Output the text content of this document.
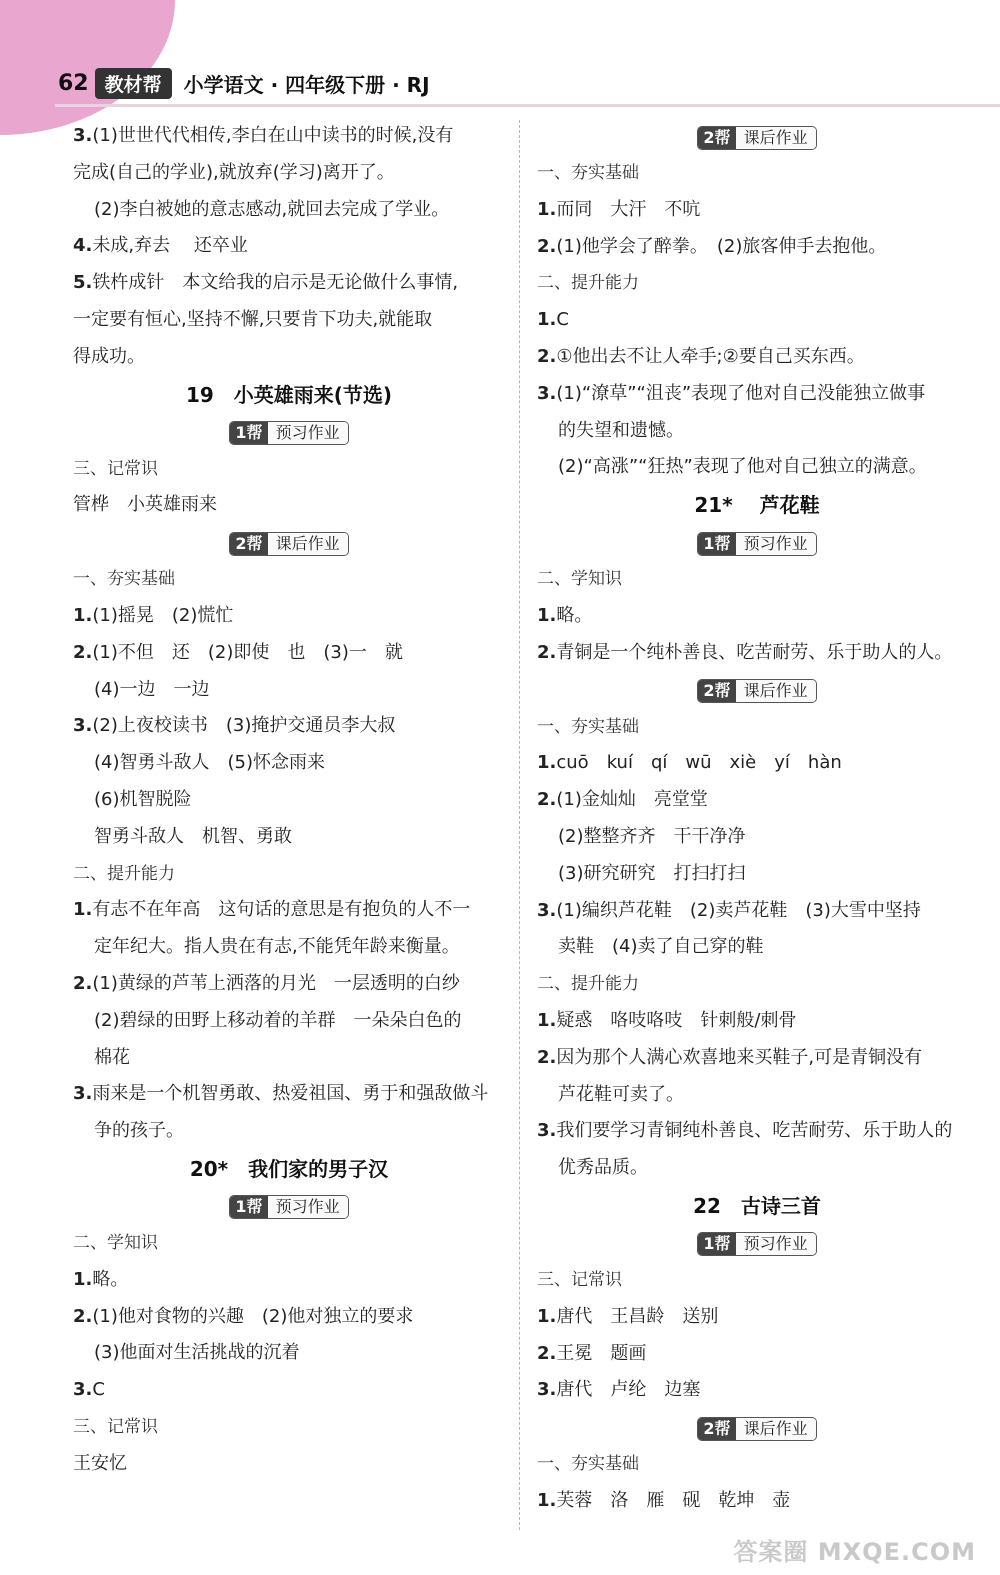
62 教材帮	小学语文 · 四年级下册 · RJ
3.(1)世世代代相传,李白在山中读书的时候,没有
完成(自己的学业),就放弃(学习)离开了。
(2)李白被她的意志感动,就回去完成了学业。
4.未成,弃去　 还卒业
5.铁杵成针　本文给我的启示是无论做什么事情,
一定要有恒心,坚持不懈,只要肯下功夫,就能取
得成功。
19　小英雄雨来(节选)
1帮 预习作业
三、记常识
管桦　小英雄雨来
2帮 课后作业
一、夯实基础
1.(1)摇晃　(2)慌忙
2.(1)不但　还　(2)即使　也　(3)一　就
(4)一边　一边
3.(2)上夜校读书　(3)掩护交通员李大叔
(4)智勇斗敌人　(5)怀念雨来
(6)机智脱险
智勇斗敌人　机智、勇敢
二、提升能力
1.有志不在年高　这句话的意思是有抱负的人不一
定年纪大。指人贵在有志,不能凭年龄来衡量。
2.(1)黄绿的芦苇上洒落的月光　一层透明的白纱
(2)碧绿的田野上移动着的羊群　一朵朵白色的
棉花
3.雨来是一个机智勇敢、热爱祖国、勇于和强敌做斗
争的孩子。
20*　我们家的男子汉
1帮 预习作业
二、学知识
1.略。
2.(1)他对食物的兴趣　(2)他对独立的要求
(3)他面对生活挑战的沉着
3.C
三、记常识
王安忆
2帮 课后作业
一、夯实基础
1.而同　大汗　不吭
2.(1)他学会了醉拳。　(2)旅客伸手去抱他。
二、提升能力
1.C
2.①他出去不让人牵手;②要自己买东西。
3.(1)“潦草”“沮丧”表现了他对自己没能独立做事
的失望和遗憾。
(2)“高涨”“狂热”表现了他对自己独立的满意。
21*　 芦花鞋
1帮 预习作业
二、学知识
1.略。
2.青铜是一个纯朴善良、吃苦耐劳、乐于助人的人。
2帮 课后作业
一、夯实基础
1.cuō　kuí　qí　wū　xiè　yí　hàn
2.(1)金灿灿　亮堂堂
(2)整整齐齐　干干净净
(3)研究研究　打扫打扫
3.(1)编织芦花鞋　(2)卖芦花鞋　(3)大雪中坚持
卖鞋　(4)卖了自己穿的鞋
二、提升能力
1.疑惑　咯吱咯吱　针刺般/刺骨
2.因为那个人满心欢喜地来买鞋子,可是青铜没有
芦花鞋可卖了。
3.我们要学习青铜纯朴善良、吃苦耐劳、乐于助人的
优秀品质。
22　古诗三首
1帮 预习作业
三、记常识
1.唐代　王昌龄　送别
2.王冕　题画
3.唐代　卢纶　边塞
2帮 课后作业
一、夯实基础
1.芙蓉　洛　雁　砚　乾坤　壶
答案圈 MXQE.COM
